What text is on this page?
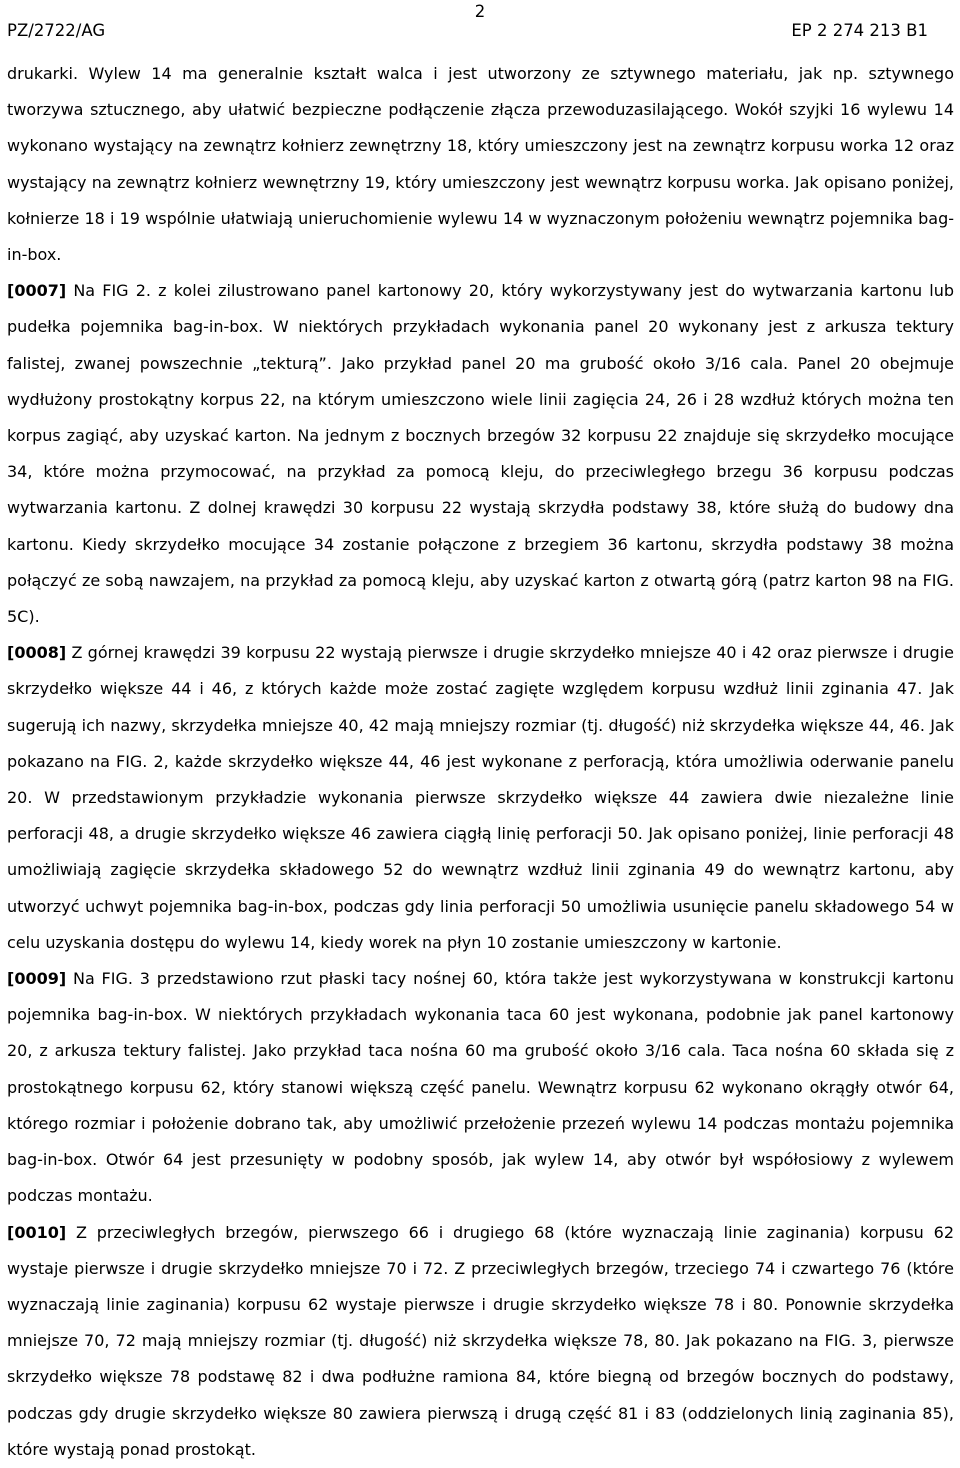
PZ/2722/AG
2
EP 2 274 213 B1

drukarki. Wylew 14 ma generalnie kształt walca i jest utworzony ze sztywnego materiału, jak np. sztywnego tworzywa sztucznego, aby ułatwić bezpieczne podłączenie złącza przewoduzasilającego. Wokół szyjki 16 wylewu 14 wykonano wystający na zewnątrz kołnierz zewnętrzny 18, który umieszczony jest na zewnątrz korpusu worka 12 oraz wystający na zewnątrz kołnierz wewnętrzny 19, który umieszczony jest wewnątrz korpusu worka. Jak opisano poniżej, kołnierze 18 i 19 wspólnie ułatwiają unieruchomienie wylewu 14 w wyznaczonym położeniu wewnątrz pojemnika bag-in-box.

[0007] Na FIG 2. z kolei zilustrowano panel kartonowy 20, który wykorzystywany jest do wytwarzania kartonu lub pudełka pojemnika bag-in-box. W niektórych przykładach wykonania panel 20 wykonany jest z arkusza tektury falistej, zwanej powszechnie „tekturą”. Jako przykład panel 20 ma grubość około 3/16 cala. Panel 20 obejmuje wydłużony prostokątny korpus 22, na którym umieszczono wiele linii zagięcia 24, 26 i 28 wzdłuż których można ten korpus zagiąć, aby uzyskać karton. Na jednym z bocznych brzegów 32 korpusu 22 znajduje się skrzydełko mocujące 34, które można przymocować, na przykład za pomocą kleju, do przeciwległego brzegu 36 korpusu podczas wytwarzania kartonu. Z dolnej krawędzi 30 korpusu 22 wystają skrzydła podstawy 38, które służą do budowy dna kartonu. Kiedy skrzydełko mocujące 34 zostanie połączone z brzegiem 36 kartonu, skrzydła podstawy 38 można połączyć ze sobą nawzajem, na przykład za pomocą kleju, aby uzyskać karton z otwartą górą (patrz karton 98 na FIG. 5C).

[0008] Z górnej krawędzi 39 korpusu 22 wystają pierwsze i drugie skrzydełko mniejsze 40 i 42 oraz pierwsze i drugie skrzydełko większe 44 i 46, z których każde może zostać zagięte względem korpusu wzdłuż linii zginania 47. Jak sugerują ich nazwy, skrzydełka mniejsze 40, 42 mają mniejszy rozmiar (tj. długość) niż skrzydełka większe 44, 46. Jak pokazano na FIG. 2, każde skrzydełko większe 44, 46 jest wykonane z perforacją, która umożliwia oderwanie panelu 20. W przedstawionym przykładzie wykonania pierwsze skrzydełko większe 44 zawiera dwie niezależne linie perforacji 48, a drugie skrzydełko większe 46 zawiera ciągłą linię perforacji 50. Jak opisano poniżej, linie perforacji 48 umożliwiają zagięcie skrzydełka składowego 52 do wewnątrz wzdłuż linii zginania 49 do wewnątrz kartonu, aby utworzyć uchwyt pojemnika bag-in-box, podczas gdy linia perforacji 50 umożliwia usunięcie panelu składowego 54 w celu uzyskania dostępu do wylewu 14, kiedy worek na płyn 10 zostanie umieszczony w kartonie.

[0009] Na FIG. 3 przedstawiono rzut płaski tacy nośnej 60, która także jest wykorzystywana w konstrukcji kartonu pojemnika bag-in-box. W niektórych przykładach wykonania taca 60 jest wykonana, podobnie jak panel kartonowy 20, z arkusza tektury falistej. Jako przykład taca nośna 60 ma grubość około 3/16 cala. Taca nośna 60 składa się z prostokątnego korpusu 62, który stanowi większą część panelu. Wewnątrz korpusu 62 wykonano okrągły otwór 64, którego rozmiar i położenie dobrano tak, aby umożliwić przełożenie przezeń wylewu 14 podczas montażu pojemnika bag-in-box. Otwór 64 jest przesunięty w podobny sposób, jak wylew 14, aby otwór był współosiowy z wylewem podczas montażu.

[0010] Z przeciwległych brzegów, pierwszego 66 i drugiego 68 (które wyznaczają linie zaginania) korpusu 62 wystaje pierwsze i drugie skrzydełko mniejsze 70 i 72. Z przeciwległych brzegów, trzeciego 74 i czwartego 76 (które wyznaczają linie zaginania) korpusu 62 wystaje pierwsze i drugie skrzydełko większe 78 i 80. Ponownie skrzydełka mniejsze 70, 72 mają mniejszy rozmiar (tj. długość) niż skrzydełka większe 78, 80. Jak pokazano na FIG. 3, pierwsze skrzydełko większe 78 podstawę 82 i dwa podłużne ramiona 84, które biegną od brzegów bocznych do podstawy, podczas gdy drugie skrzydełko większe 80 zawiera pierwszą i drugą część 81 i 83 (oddzielonych linią zaginania 85), które wystają ponad prostokąt.
